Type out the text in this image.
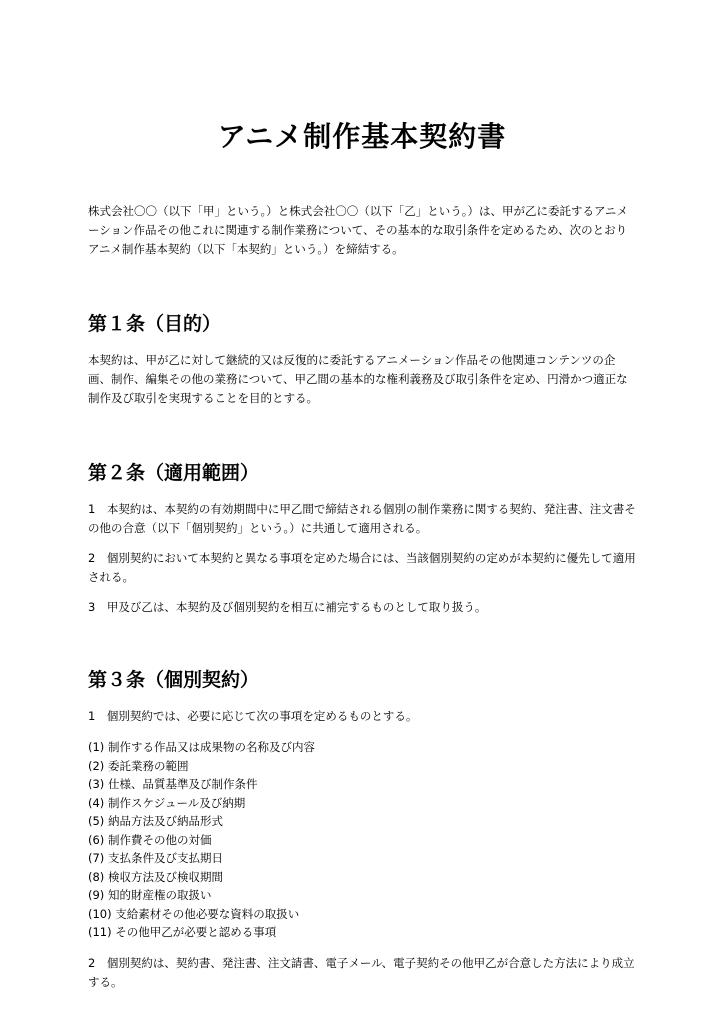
アニメ制作基本契約書

株式会社〇〇（以下「甲」という。）と株式会社〇〇（以下「乙」という。）は、甲が乙に委託するアニメーション作品その他これに関連する制作業務について、その基本的な取引条件を定めるため、次のとおりアニメ制作基本契約（以下「本契約」という。）を締結する。

第１条（目的）

本契約は、甲が乙に対して継続的又は反復的に委託するアニメーション作品その他関連コンテンツの企画、制作、編集その他の業務について、甲乙間の基本的な権利義務及び取引条件を定め、円滑かつ適正な制作及び取引を実現することを目的とする。

第２条（適用範囲）

1　本契約は、本契約の有効期間中に甲乙間で締結される個別の制作業務に関する契約、発注書、注文書その他の合意（以下「個別契約」という。）に共通して適用される。

2　個別契約において本契約と異なる事項を定めた場合には、当該個別契約の定めが本契約に優先して適用される。

3　甲及び乙は、本契約及び個別契約を相互に補完するものとして取り扱う。

第３条（個別契約）

1　個別契約では、必要に応じて次の事項を定めるものとする。

(1) 制作する作品又は成果物の名称及び内容
(2) 委託業務の範囲
(3) 仕様、品質基準及び制作条件
(4) 制作スケジュール及び納期
(5) 納品方法及び納品形式
(6) 制作費その他の対価
(7) 支払条件及び支払期日
(8) 検収方法及び検収期間
(9) 知的財産権の取扱い
(10) 支給素材その他必要な資料の取扱い
(11) その他甲乙が必要と認める事項

2　個別契約は、契約書、発注書、注文請書、電子メール、電子契約その他甲乙が合意した方法により成立する。
